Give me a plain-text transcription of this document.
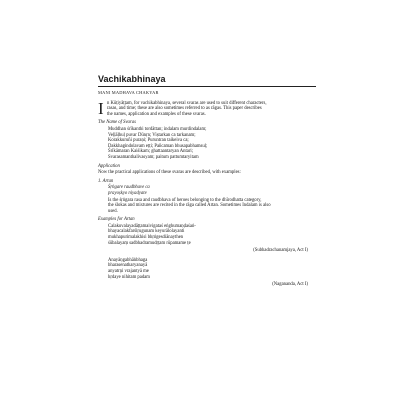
Vachikabhinaya
MANI MADHAVA CHAKYAR
I n Kūṭiyāṭṭam, for vachikabhinaya, several svaras are used to suit different characters,
rasas, and time; these are also sometimes referred to as rāgas. This paper describes
the names, application and examples of these svaras.
The Name of Svaras
Muddhan śrīkanthi tordāttan; indalam murdindalam;
Veḷḷāḷhuḷ puvar Dūnṛn; Viṣtarkan ca tarkanam;
Korakkuruñi puraṇi; Puruntran taikeiva ca;
Dakkhagindolavam eṭṭi; Pañcaman bhusapabhamsuḷ;
Śrīkāmaran Kaiśikam; ghattaantaryan Antari;
Svarasamanthalivasyam; paitum pattumtaryitam
Application
Now the practical applications of these svaras are described, with examples:
1. Artan
Śṛṅgare raudbhave ca
prayoṣkyo niyadyate
Is the śṛṅgara rasa and raudbhava of heroes belonging to the dhīrodhatta category,
the ślokas and mixtures are recited in the rāga called Artan. Sometimes Indalam is also
used.
Examples for Artan
Calakuvalayadāṭṭamaivigataś eṅghumaṇḍaśaṅ-
bhayacalakfarśiṛugunam keyurālolayanti
mukhapurimalakhisi bhṛṅgesdiānaythen
śūbalayaṃ sadbhadramudṛṭam rūpamame ṭe
(Subhadrachanamjaya, Act I)
Anayāṇgabhāṅbhaga
bharasenatharyanayā
anyatrņi vrajantyā me
hṛdaye nihitam padam
(Nagananda, Act I)
